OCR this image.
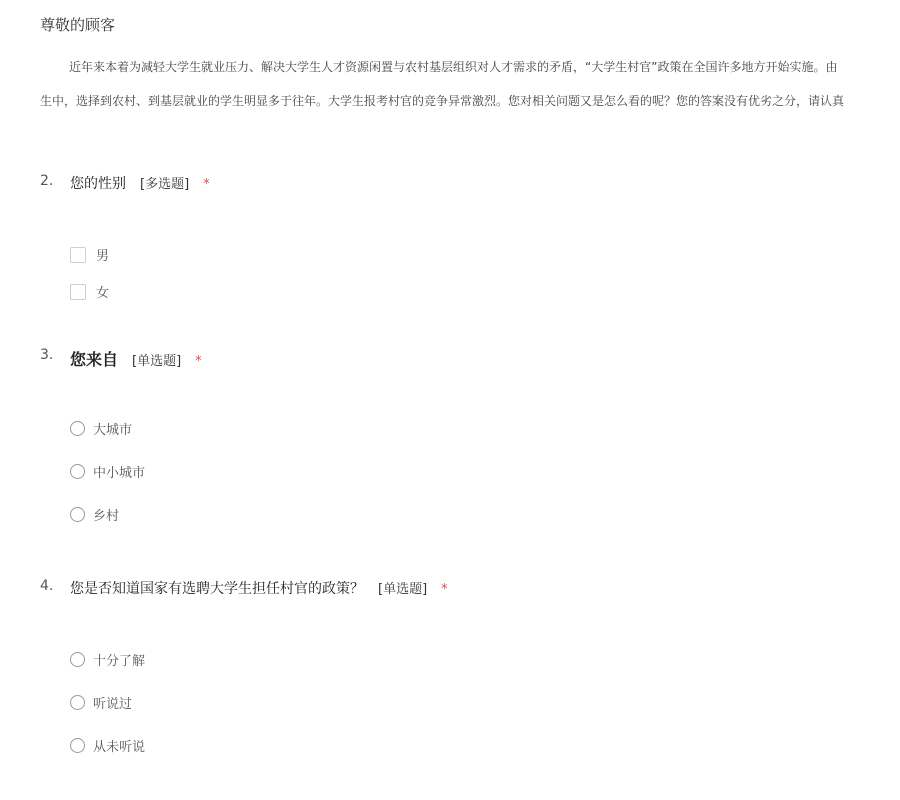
尊敬的顾客
近年来本着为减轻大学生就业压力、解决大学生人才资源闲置与农村基层组织对人才需求的矛盾，“大学生村官”政策在全国许多地方开始实施。由
生中，选择到农村、到基层就业的学生明显多于往年。大学生报考村官的竞争异常激烈。您对相关问题又是怎么看的呢？您的答案没有优劣之分，请认真
2. 您的性别 [多选题] *
男
女
3. 您来自 [单选题] *
大城市
中小城市
乡村
4. 您是否知道国家有选聘大学生担任村官的政策？ [单选题] *
十分了解
听说过
从未听说
